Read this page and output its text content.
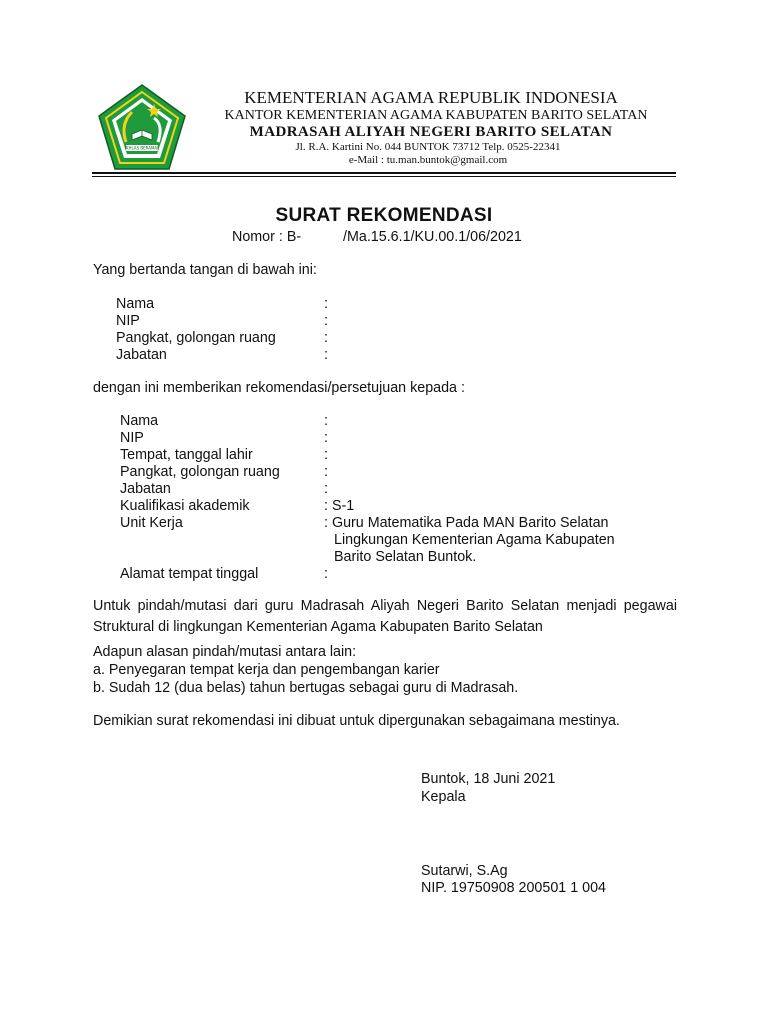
IKHLAS BERAMAL
KEMENTERIAN AGAMA REPUBLIK INDONESIA
KANTOR KEMENTERIAN AGAMA KABUPATEN BARITO SELATAN
MADRASAH ALIYAH NEGERI BARITO SELATAN
Jl. R.A. Kartini No. 044 BUNTOK 73712 Telp. 0525-22341
e-Mail : tu.man.buntok@gmail.com
SURAT REKOMENDASI
Nomor : B-	/Ma.15.6.1/KU.00.1/06/2021
Yang bertanda tangan di bawah ini:
Nama	:
NIP	:
Pangkat, golongan ruang	:
Jabatan	:
dengan ini memberikan rekomendasi/persetujuan kepada :
Nama	:
NIP	:
Tempat, tanggal lahir	:
Pangkat, golongan ruang	:
Jabatan	:
Kualifikasi akademik	: S-1
Unit Kerja	: Guru Matematika Pada MAN Barito Selatan
Lingkungan Kementerian Agama Kabupaten
Barito Selatan Buntok.
Alamat tempat tinggal	:
Untuk pindah/mutasi dari guru Madrasah Aliyah Negeri Barito Selatan menjadi pegawai Struktural di lingkungan Kementerian Agama Kabupaten Barito Selatan
Adapun alasan pindah/mutasi antara lain:
a. Penyegaran tempat kerja dan pengembangan karier
b. Sudah 12 (dua belas) tahun bertugas sebagai guru di Madrasah.
Demikian surat rekomendasi ini dibuat untuk dipergunakan sebagaimana mestinya.
Buntok, 18 Juni 2021
Kepala
Sutarwi, S.Ag
NIP. 19750908 200501 1 004
